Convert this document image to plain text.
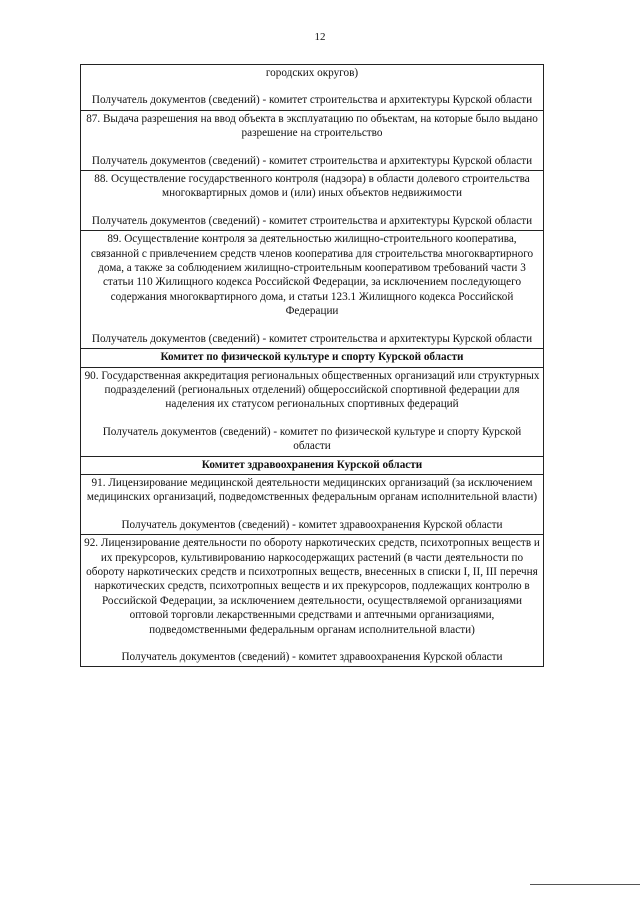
12
городских округов)
Получатель документов (сведений) - комитет строительства и архитектуры Курской области

87. Выдача разрешения на ввод объекта в эксплуатацию по объектам, на которые было выдано разрешение на строительство
Получатель документов (сведений) - комитет строительства и архитектуры Курской области

88. Осуществление государственного контроля (надзора) в области долевого строительства многоквартирных домов и (или) иных объектов недвижимости
Получатель документов (сведений) - комитет строительства и архитектуры Курской области

89. Осуществление контроля за деятельностью жилищно-строительного кооператива, связанной с привлечением средств членов кооператива для строительства многоквартирного дома, а также за соблюдением жилищно-строительным кооперативом требований части 3 статьи 110 Жилищного кодекса Российской Федерации, за исключением последующего содержания многоквартирного дома, и статьи 123.1 Жилищного кодекса Российской Федерации
Получатель документов (сведений) - комитет строительства и архитектуры Курской области

Комитет по физической культуре и спорту Курской области

90. Государственная аккредитация региональных общественных организаций или структурных подразделений (региональных отделений) общероссийской спортивной федерации для наделения их статусом региональных спортивных федераций
Получатель документов (сведений) - комитет по физической культуре и спорту Курской области

Комитет здравоохранения Курской области

91. Лицензирование медицинской деятельности медицинских организаций (за исключением медицинских организаций, подведомственных федеральным органам исполнительной власти)
Получатель документов (сведений) - комитет здравоохранения Курской области

92. Лицензирование деятельности по обороту наркотических средств, психотропных веществ и их прекурсоров, культивированию наркосодержащих растений (в части деятельности по обороту наркотических средств и психотропных веществ, внесенных в списки I, II, III перечня наркотических средств, психотропных веществ и их прекурсоров, подлежащих контролю в Российской Федерации, за исключением деятельности, осуществляемой организациями оптовой торговли лекарственными средствами и аптечными организациями, подведомственными федеральным органам исполнительной власти)
Получатель документов (сведений) - комитет здравоохранения Курской области
